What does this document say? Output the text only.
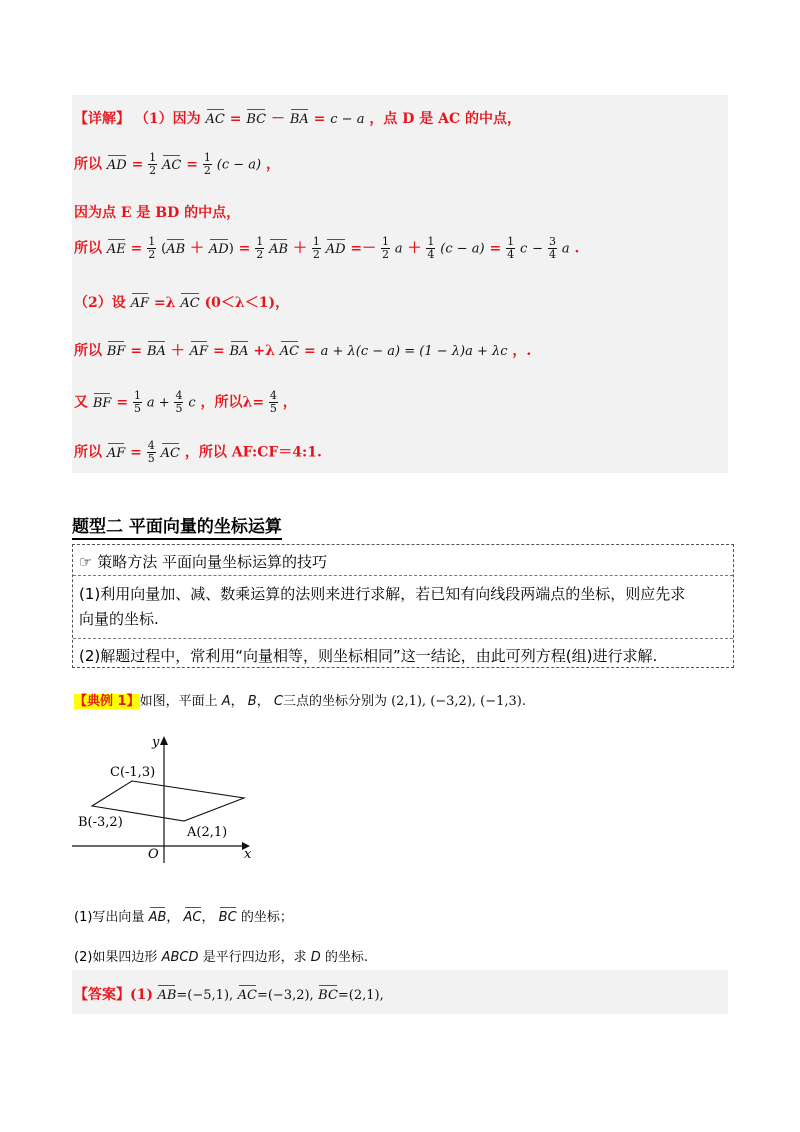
【详解】 （1）因为 AC = BC － BA = c − a ，点 D 是 AC 的中点，
所以 AD = $\frac{1}{2}$ AC = $\frac{1}{2} (c - a)$ ，
因为点 E 是 BD 的中点，
所以 AE = $\frac{1}{2} (AB + AD) = \frac{1}{2}$ AB ＋ $\frac{1}{2}$ AD =－ $\frac{1}{2}$ $a + \frac{1}{4} (c - a) = \frac{1}{4}$ $c - \frac{3}{4}$ a .
（2）设 AF =λ AC (0＜λ＜1)，
所以 BF = BA ＋ AF = BA +λ AC = a + λ(c − a) = (1 − λ)a + λc ，.
又 BF = $\frac{1}{5}$ $a + \frac{4}{5}$ c ，所以$\lambda= \frac{4}{5}$ ，
所以 AF = $\frac{4}{5}$ AC ，所以 AF:CF＝4:1.
题型二 平面向量的坐标运算
☞ 策略方法 平面向量坐标运算的技巧
(1)利用向量加、减、数乘运算的法则来进行求解，若已知有向线段两端点的坐标，则应先求
向量的坐标.
(2)解题过程中，常利用“向量相等，则坐标相同”这一结论，由此可列方程(组)进行求解.
【典例 1】如图，平面上 A， B， C三点的坐标分别为 (2,1), (−3,2), (−1,3).
y
x
O
C(-1,3)
B(-3,2)
A(2,1)
(1)写出向量 AB， AC， BC 的坐标；
(2)如果四边形 ABCD 是平行四边形，求 D 的坐标.
【答案】(1) AB=(−5,1), AC=(−3,2), BC=(2,1),
